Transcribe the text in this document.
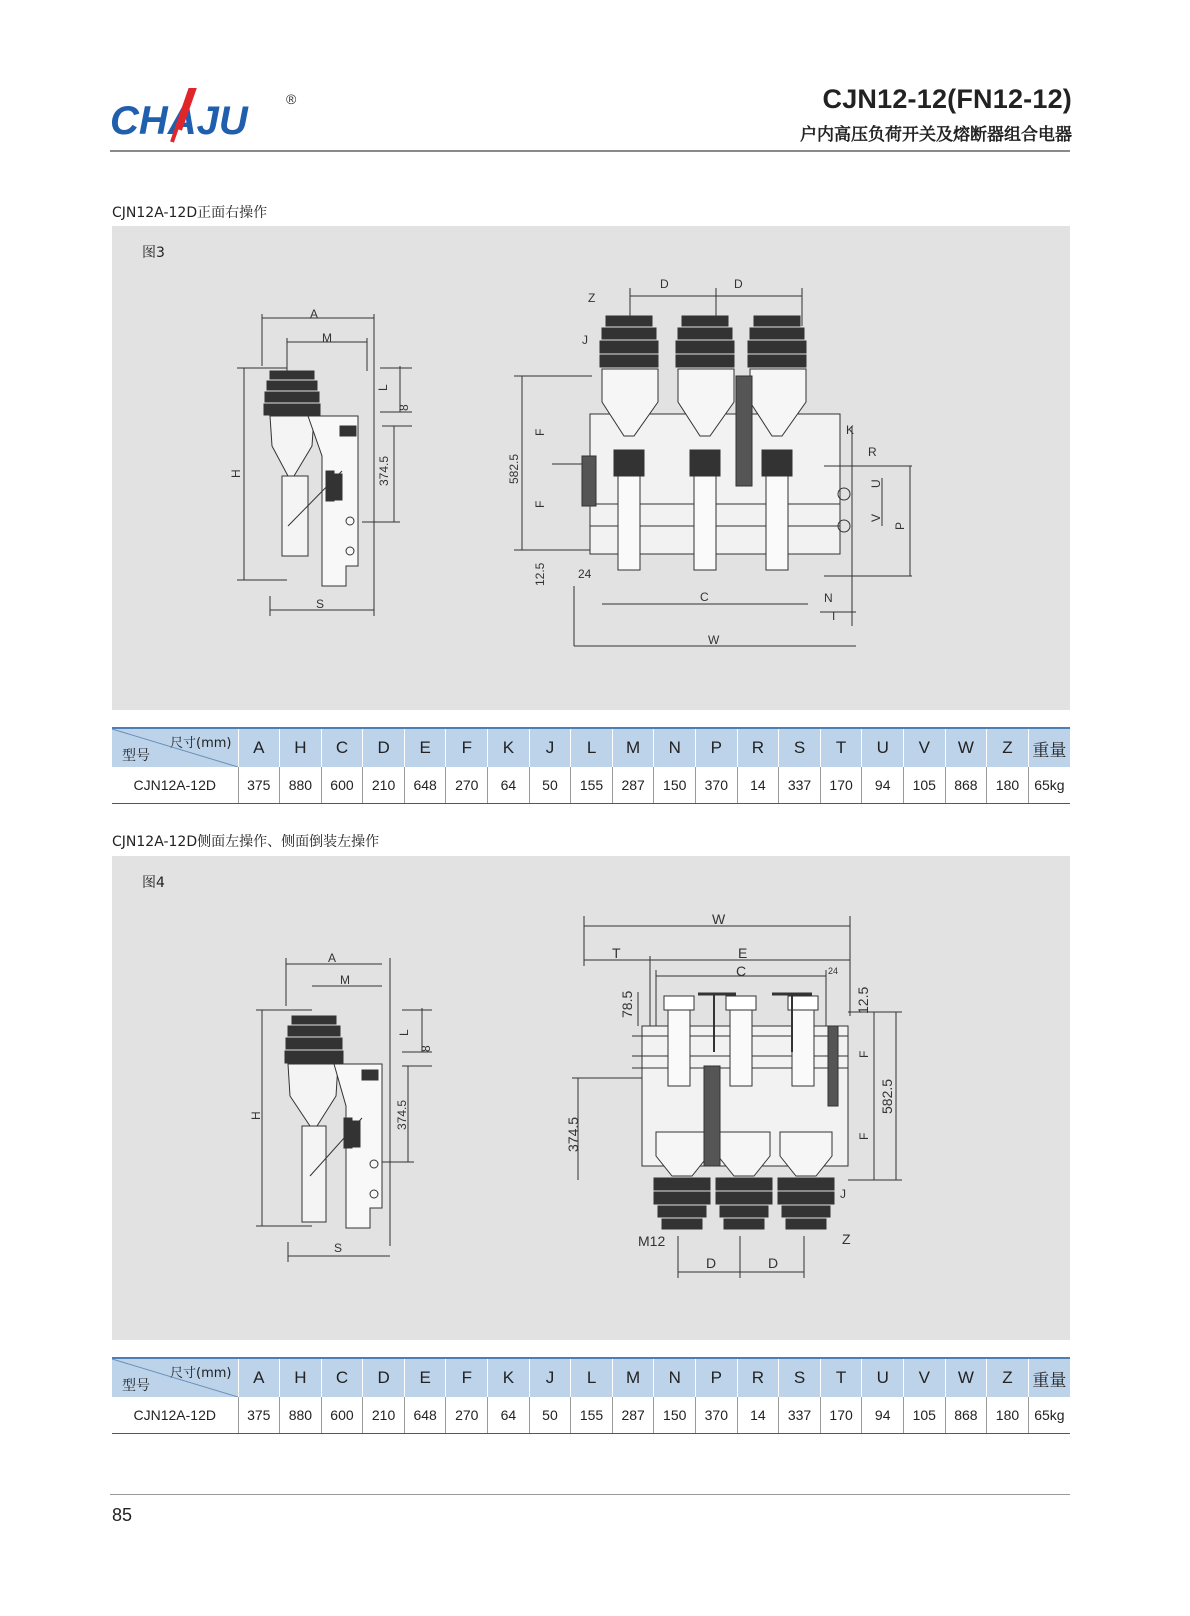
CHAJU	®	CJN12-12(FN12-12)
户内高压负荷开关及熔断器组合电器
CJN12A-12D正面右操作
图3
A
M
L
8
374.5
H
S
D	D
Z
J
F
582.5
F
12.5	24
C	N
T
W
K
R
U
V
P
尺寸(mm)
型号	A	H	C	D	E	F	K	J	L	M	N	P	R	S	T	U	V	W	Z	重量
CJN12A-12D	375	880	600	210	648	270	64	50	155	287	150	370	14	337	170	94	105	868	180	65kg
CJN12A-12D侧面左操作、侧面倒装左操作
图4
A
M
L
8
374.5
H
S
W
T	E
C	24
78.5	12.5
F
582.5
F
374.5
J
Z
M12
D	D
尺寸(mm)
型号	A	H	C	D	E	F	K	J	L	M	N	P	R	S	T	U	V	W	Z	重量
CJN12A-12D	375	880	600	210	648	270	64	50	155	287	150	370	14	337	170	94	105	868	180	65kg
85
